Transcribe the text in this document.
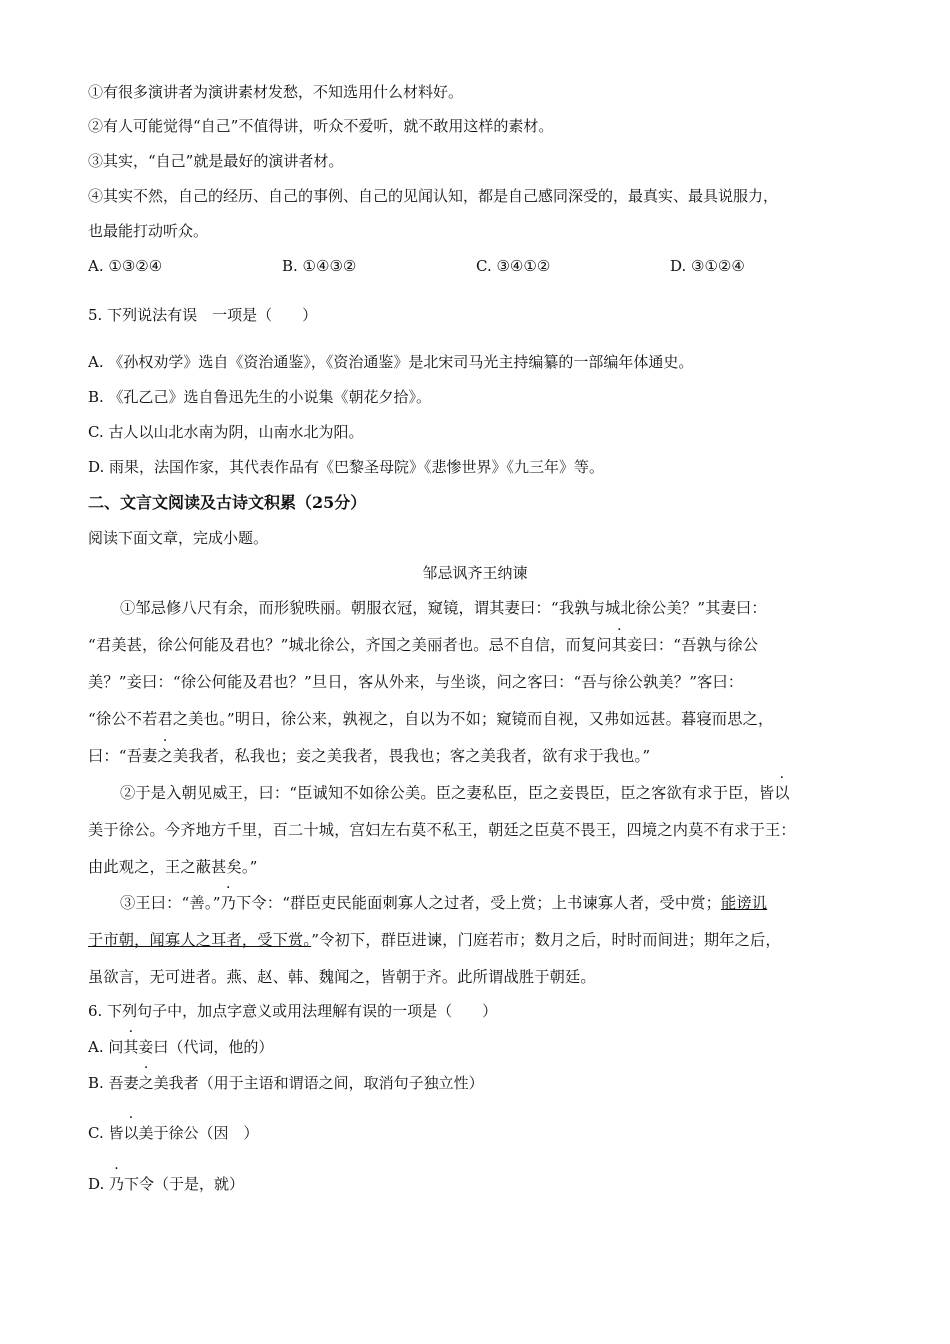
①有很多演讲者为演讲素材发愁，不知选用什么材料好。
②有人可能觉得“自己”不值得讲，听众不爱听，就不敢用这样的素材。
③其实，“自己”就是最好的演讲者材。
④其实不然，自己的经历、自己的事例、自己的见闻认知，都是自己感同深受的，最真实、最具说服力，
也最能打动听众。
A. ①③②④	B. ①④③②	C. ③④①②	D. ③①②④
5. 下列说法有误　一项是（　　）
A. 《孙权劝学》选自《资治通鉴》，《资治通鉴》是北宋司马光主持编纂的一部编年体通史。
B. 《孔乙己》选自鲁迅先生的小说集《朝花夕拾》。
C. 古人以山北水南为阴，山南水北为阳。
D. 雨果，法国作家，其代表作品有《巴黎圣母院》《悲惨世界》《九三年》等。
二、文言文阅读及古诗文积累（25分）
阅读下面文章，完成小题。
邹忌讽齐王纳谏
①邹忌修八尺有余，而形貌昳丽。朝服衣冠，窥镜，谓其妻曰：“我孰与城北徐公美？”其妻曰：
“君美甚，徐公何能及君也？”城北徐公，齐国之美丽者也。忌不自信，而复问其妾曰：“吾孰与徐公
美？”妾曰：“徐公何能及君也？”旦日，客从外来，与坐谈，问之客曰：“吾与徐公孰美？”客曰：
“徐公不若君之美也。”明日，徐公来，孰视之，自以为不如；窥镜而自视，又弗如远甚。暮寝而思之，
曰：“吾妻之美我者，私我也；妾之美我者，畏我也；客之美我者，欲有求于我也。”
②于是入朝见威王，曰：“臣诚知不如徐公美。臣之妻私臣，臣之妾畏臣，臣之客欲有求于臣，皆以
美于徐公。今齐地方千里，百二十城，宫妇左右莫不私王，朝廷之臣莫不畏王，四境之内莫不有求于王：
由此观之，王之蔽甚矣。”
③王曰：“善。”乃下令：“群臣吏民能面刺寡人之过者，受上赏；上书谏寡人者，受中赏；能谤讥
于市朝，闻寡人之耳者，受下赏。”令初下，群臣进谏，门庭若市；数月之后，时时而间进；期年之后，
虽欲言，无可进者。燕、赵、韩、魏闻之，皆朝于齐。此所谓战胜于朝廷。
6. 下列句子中，加点字意义或用法理解有误的一项是（　　）
A. 问其妾曰（代词，他的）
B. 吾妻之美我者（用于主语和谓语之间，取消句子独立性）
C. 皆以美于徐公（因　）
D. 乃下令（于是，就）
